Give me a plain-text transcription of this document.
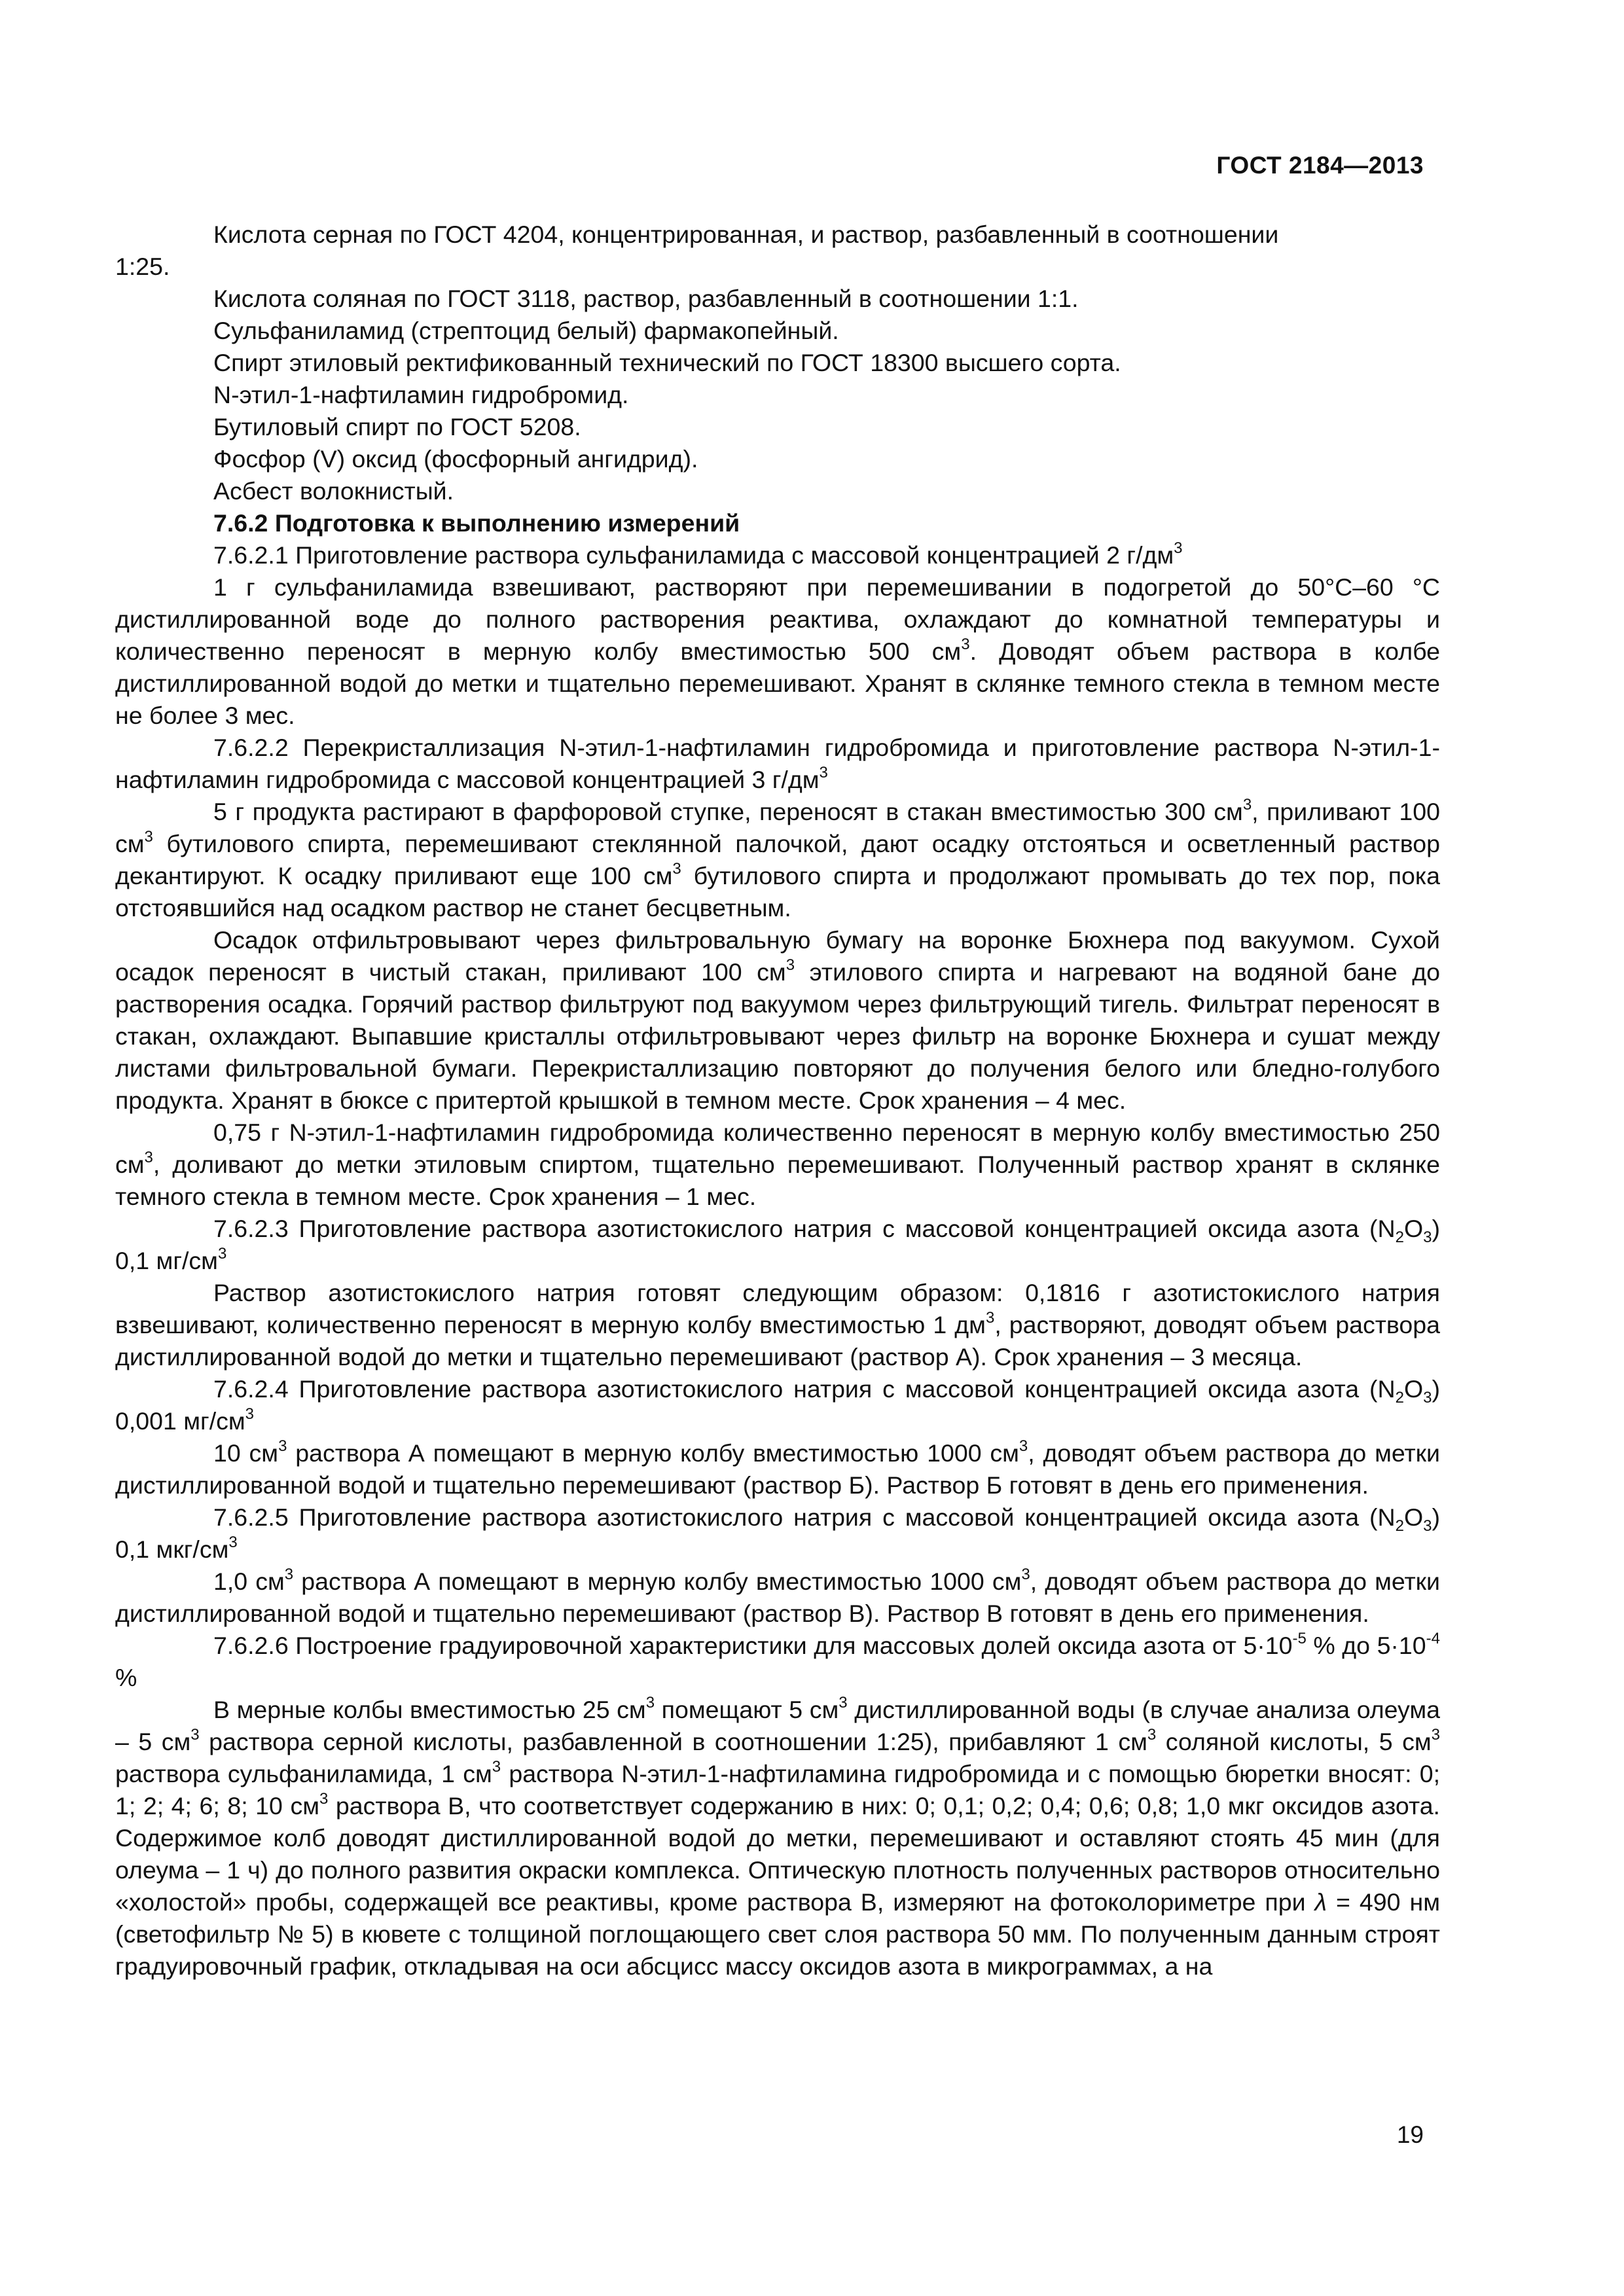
ГОСТ 2184—2013

Кислота серная по ГОСТ 4204, концентрированная, и раствор, разбавленный в соотношении

1:25.

Кислота соляная по ГОСТ 3118, раствор, разбавленный в соотношении 1:1.

Сульфаниламид (стрептоцид белый) фармакопейный.

Спирт этиловый ректификованный технический по ГОСТ 18300 высшего сорта.

N-этил-1-нафтиламин гидробромид.

Бутиловый спирт по ГОСТ 5208.

Фосфор (V) оксид (фосфорный ангидрид).

Асбест волокнистый.

7.6.2 Подготовка к выполнению измерений

7.6.2.1 Приготовление раствора сульфаниламида с массовой концентрацией 2 $г/дм^3$

1 г сульфаниламида взвешивают, растворяют при перемешивании в подогретой до 50°С–60 °С дистиллированной воде до полного растворения реактива, охлаждают до комнатной температуры и количественно переносят в мерную колбу вместимостью 500 $см^3$. Доводят объем раствора в колбе дистиллированной водой до метки и тщательно перемешивают. Хранят в склянке темного стекла в темном месте не более 3 мес.

7.6.2.2 Перекристаллизация N-этил-1-нафтиламин гидробромида и приготовление раствора N-этил-1-нафтиламин гидробромида с массовой концентрацией 3 $г/дм^3$

5 г продукта растирают в фарфоровой ступке, переносят в стакан вместимостью 300 $см^3$, приливают 100 $см^3$ бутилового спирта, перемешивают стеклянной палочкой, дают осадку отстояться и осветленный раствор декантируют. К осадку приливают еще 100 $см^3$ бутилового спирта и продолжают промывать до тех пор, пока отстоявшийся над осадком раствор не станет бесцветным.

Осадок отфильтровывают через фильтровальную бумагу на воронке Бюхнера под вакуумом. Сухой осадок переносят в чистый стакан, приливают 100 $см^3$ этилового спирта и нагревают на водяной бане до растворения осадка. Горячий раствор фильтруют под вакуумом через фильтрующий тигель. Фильтрат переносят в стакан, охлаждают. Выпавшие кристаллы отфильтровывают через фильтр на воронке Бюхнера и сушат между листами фильтровальной бумаги. Перекристаллизацию повторяют до получения белого или бледно-голубого продукта. Хранят в бюксе с притертой крышкой в темном месте. Срок хранения – 4 мес.

0,75 г N-этил-1-нафтиламин гидробромида количественно переносят в мерную колбу вместимостью 250 $см^3$, доливают до метки этиловым спиртом, тщательно перемешивают. Полученный раствор хранят в склянке темного стекла в темном месте. Срок хранения – 1 мес.

7.6.2.3 Приготовление раствора азотистокислого натрия с массовой концентрацией оксида азота $(N_2O_3)$ 0,1 $мг/см^3$

Раствор азотистокислого натрия готовят следующим образом: 0,1816 г азотистокислого натрия взвешивают, количественно переносят в мерную колбу вместимостью 1 $дм^3$, растворяют, доводят объем раствора дистиллированной водой до метки и тщательно перемешивают (раствор А). Срок хранения – 3 месяца.

7.6.2.4 Приготовление раствора азотистокислого натрия с массовой концентрацией оксида азота $(N_2O_3)$ 0,001 $мг/см^3$

10 $см^3$ раствора А помещают в мерную колбу вместимостью 1000 $см^3$, доводят объем раствора до метки дистиллированной водой и тщательно перемешивают (раствор Б). Раствор Б готовят в день его применения.

7.6.2.5 Приготовление раствора азотистокислого натрия с массовой концентрацией оксида азота $(N_2O_3)$ 0,1 мкг/$см^3$

1,0 $см^3$ раствора А помещают в мерную колбу вместимостью 1000 $см^3$, доводят объем раствора до метки дистиллированной водой и тщательно перемешивают (раствор В). Раствор В готовят в день его применения.

7.6.2.6 Построение градуировочной характеристики для массовых долей оксида азота от $5\cdot 10^{-5}$ % до $5\cdot 10^{-4}$ %

В мерные колбы вместимостью 25 $см^3$ помещают 5 $см^3$ дистиллированной воды (в случае анализа олеума – 5 $см^3$ раствора серной кислоты, разбавленной в соотношении 1:25), прибавляют 1 $см^3$ соляной кислоты, 5 $см^3$ раствора сульфаниламида, 1 $см^3$ раствора N-этил-1-нафтиламина гидробромида и с помощью бюретки вносят: 0; 1; 2; 4; 6; 8; 10 $см^3$ раствора В, что соответствует содержанию в них: 0; 0,1; 0,2; 0,4; 0,6; 0,8; 1,0 мкг оксидов азота. Содержимое колб доводят дистиллированной водой до метки, перемешивают и оставляют стоять 45 мин (для олеума – 1 ч) до полного развития окраски комплекса. Оптическую плотность полученных растворов относительно «холостой» пробы, содержащей все реактивы, кроме раствора В, измеряют на фотоколориметре при λ = 490 нм (светофильтр № 5) в кювете с толщиной поглощающего свет слоя раствора 50 мм. По полученным данным строят градуировочный график, откладывая на оси абсцисс массу оксидов азота в микрограммах, а на

19
